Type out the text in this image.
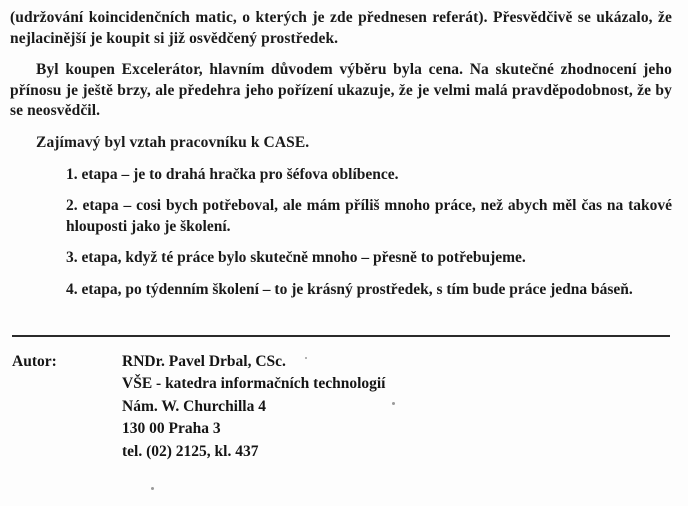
(udržování koincidenčních matic, o kterých je zde přednesen referát). Přesvědčivě se ukázalo, že nejlacinější je koupit si již osvědčený prostředek.

Byl koupen Excelerátor, hlavním důvodem výběru byla cena. Na skutečné zhodnocení jeho přínosu je ještě brzy, ale předehra jeho pořízení ukazuje, že je velmi malá pravděpodobnost, že by se neosvědčil.

Zajímavý byl vztah pracovníku k CASE.

1. etapa – je to drahá hračka pro šéfova oblíbence.

2. etapa – cosi bych potřeboval, ale mám příliš mnoho práce, než abych měl čas na takové hlouposti jako je školení.

3. etapa, když té práce bylo skutečně mnoho – přesně to potřebujeme.

4. etapa, po týdenním školení – to je krásný prostředek, s tím bude práce jedna báseň.

Autor:	RNDr. Pavel Drbal, CSc.
VŠE - katedra informačních technologií
Nám. W. Churchilla 4
130 00 Praha 3
tel. (02) 2125, kl. 437
